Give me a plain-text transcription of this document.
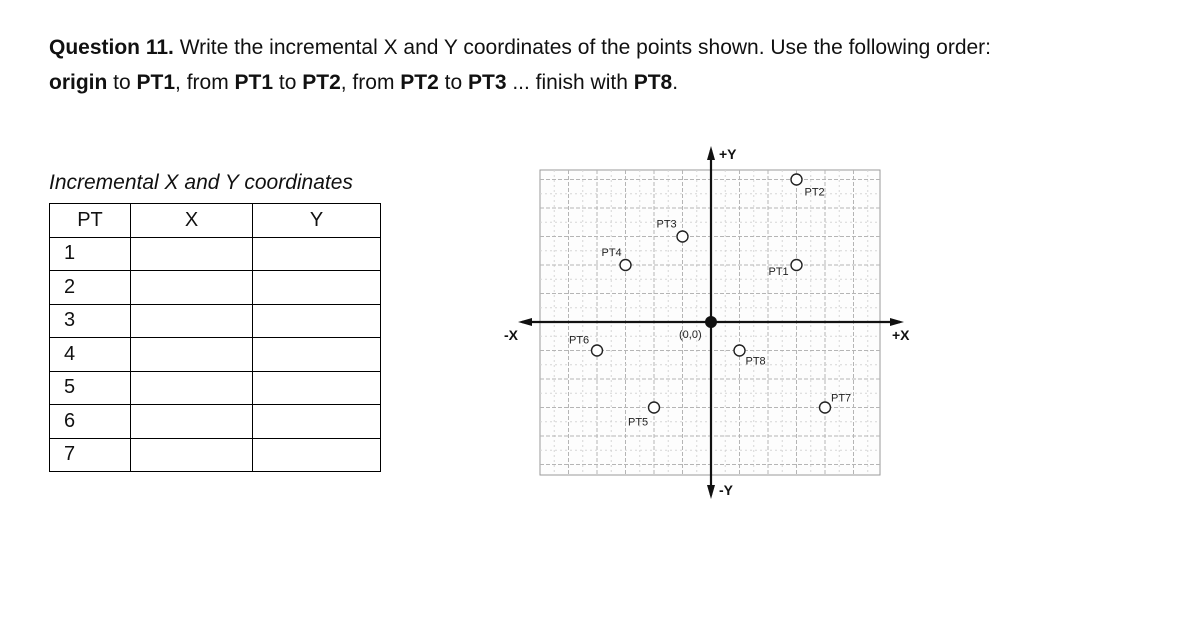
Question 11. Write the incremental X and Y coordinates of the points shown. Use the following order:
origin to PT1, from PT1 to PT2, from PT2 to PT3 ... finish with PT8.

Incremental X and Y coordinates

PT	X	Y
1		
2		
3		
4		
5		
6		
7		
+Y
-Y
+X
-X	(0,0)
PT1
PT2
PT3
PT4
PT5
PT6
PT7
PT8
